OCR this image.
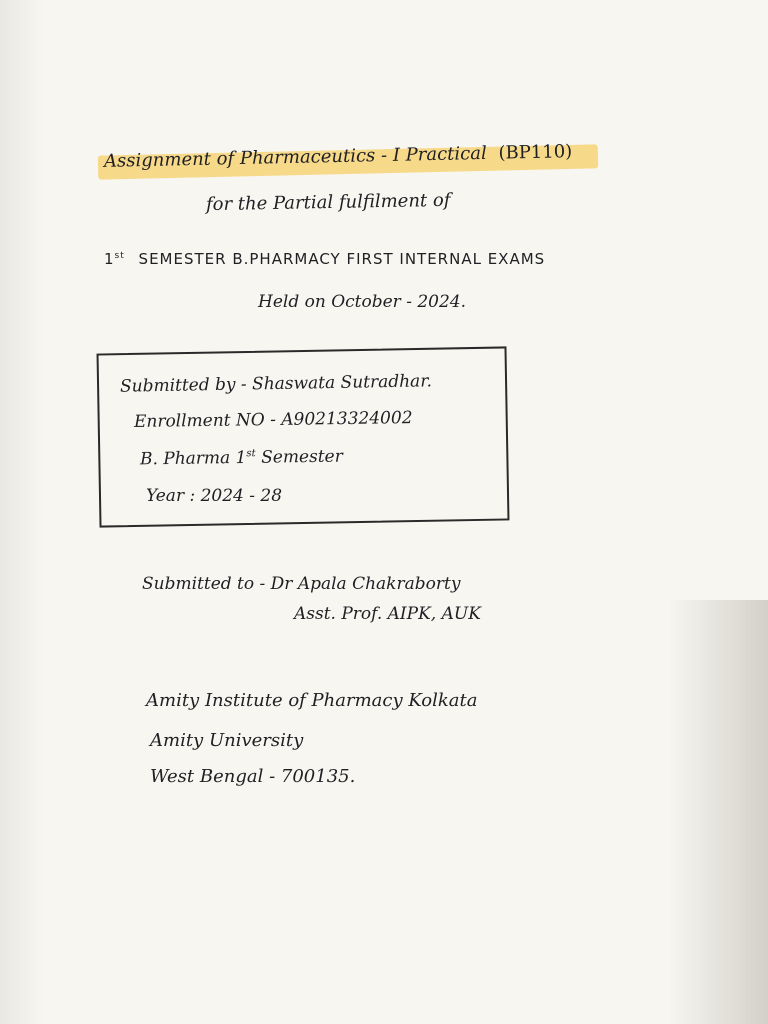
Assignment of Pharmaceutics - I Practical (BP110)
for the Partial fulfilment of
1st SEMESTER B.PHARMACY FIRST INTERNAL EXAMS
Held on October - 2024.
Submitted by - Shaswata Sutradhar.
Enrollment NO - A90213324002
B. Pharma 1st Semester
Year : 2024 - 28
Submitted to - Dr Apala Chakraborty
Asst. Prof. AIPK, AUK
Amity Institute of Pharmacy Kolkata
Amity University
West Bengal - 700135.
